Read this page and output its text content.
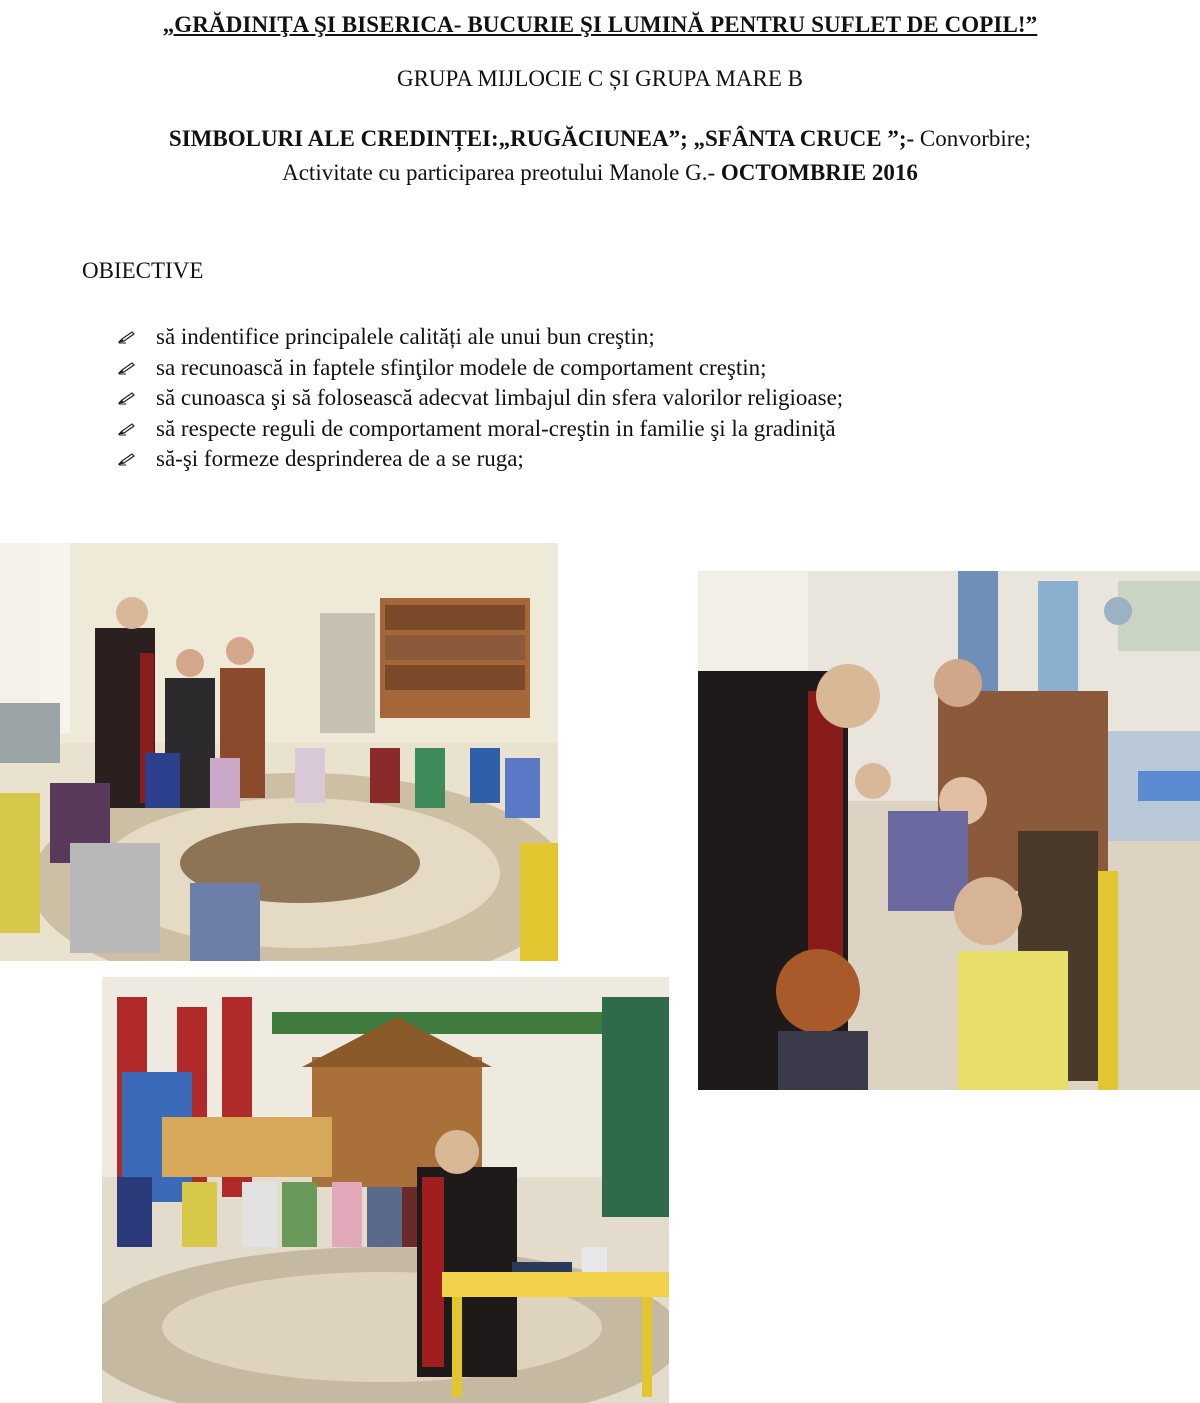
„GRĂDINIŢA ŞI BISERICA- BUCURIE ŞI LUMINĂ PENTRU SUFLET DE COPIL!”
GRUPA MIJLOCIE C ȘI GRUPA MARE B
SIMBOLURI ALE CREDINȚEI:„RUGĂCIUNEA”; „SFÂNTA CRUCE ”;- Convorbire;
Activitate cu participarea preotului Manole G.- OCTOMBRIE 2016
OBIECTIVE
să indentifice principalele calități ale unui bun creştin;
sa recunoască in faptele sfinţilor modele de comportament creştin;
să cunoasca şi să folosească adecvat limbajul din sfera valorilor religioase;
să respecte reguli de comportament moral-creştin in familie şi la gradiniţă
să-şi formeze desprinderea de a se ruga;
